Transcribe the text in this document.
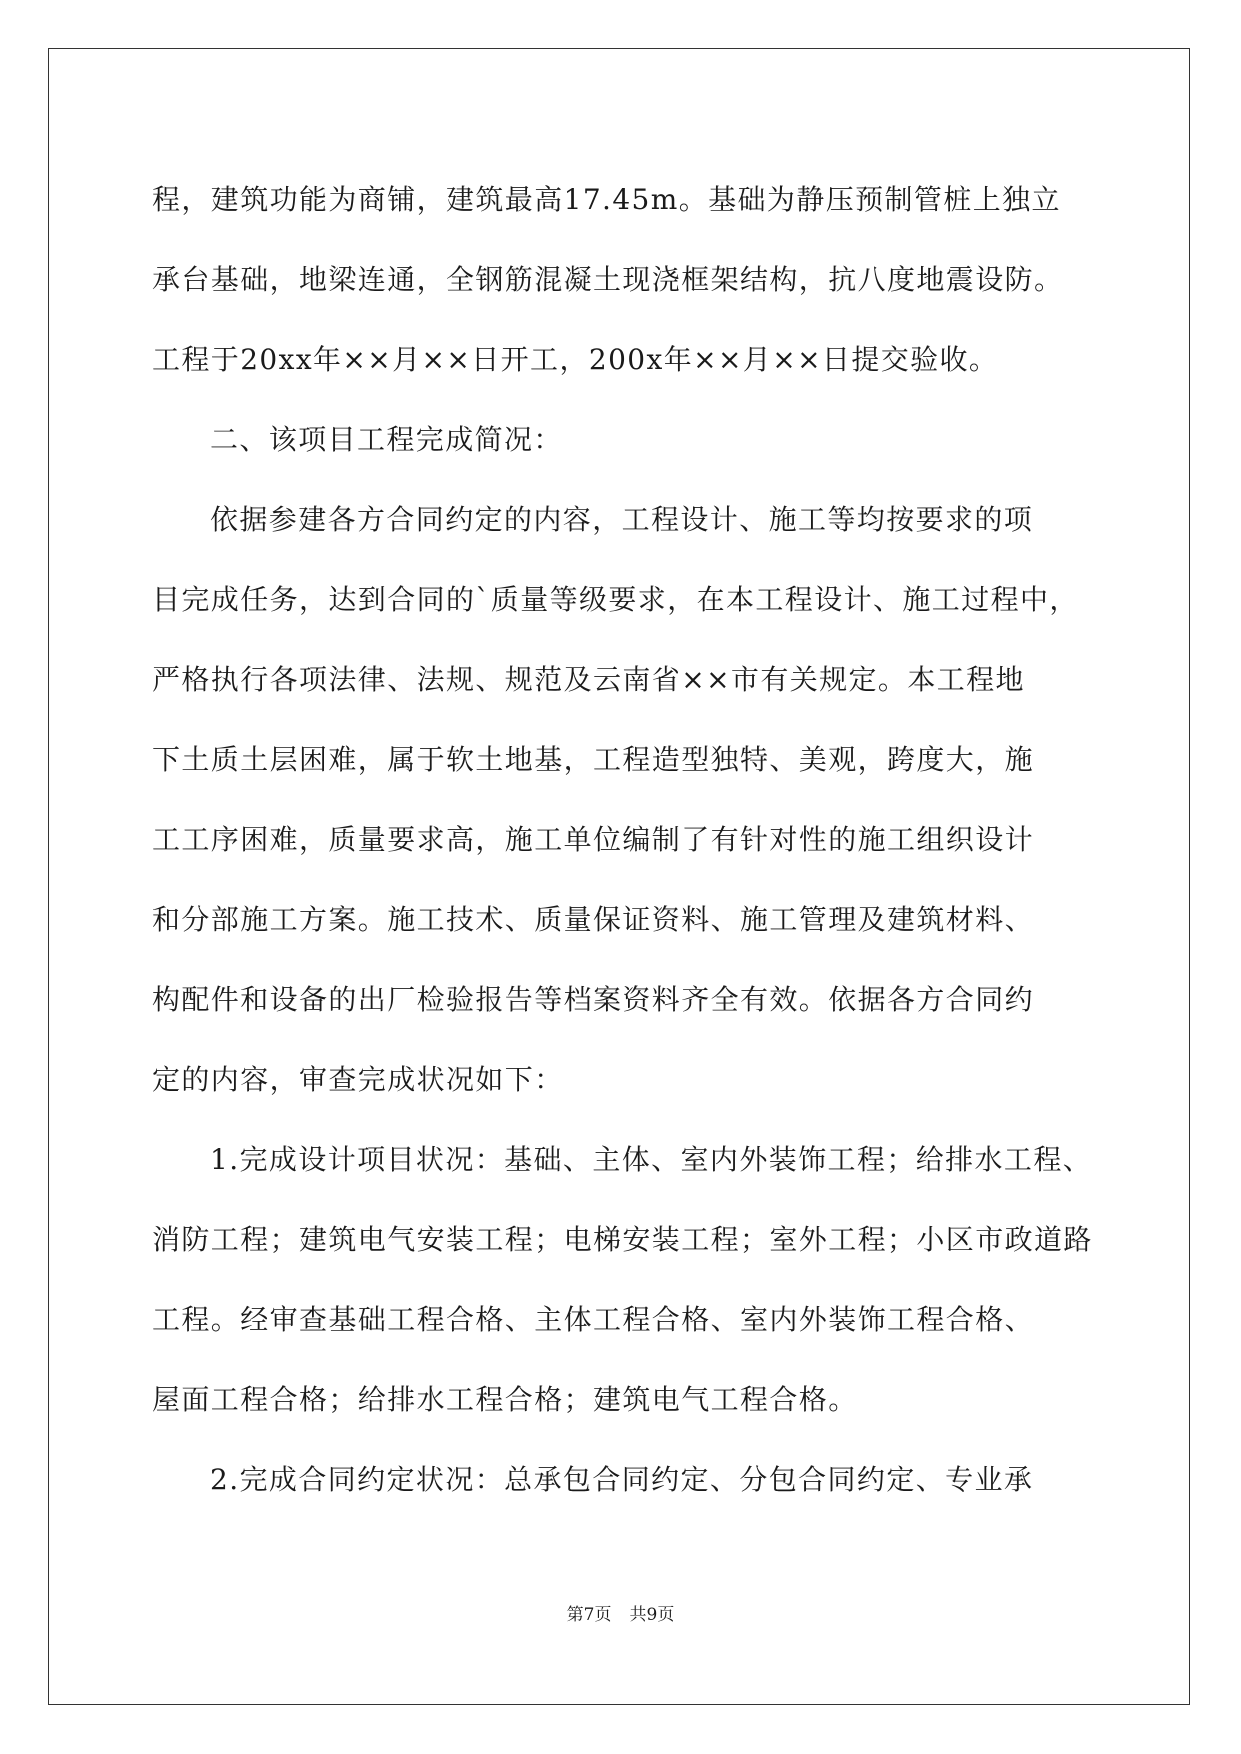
程，建筑功能为商铺，建筑最高17.45m。基础为静压预制管桩上独立
承台基础，地梁连通，全钢筋混凝土现浇框架结构，抗八度地震设防。
工程于20xx年××月××日开工，200x年××月××日提交验收。
二、该项目工程完成简况：
依据参建各方合同约定的内容，工程设计、施工等均按要求的项
目完成任务，达到合同的`质量等级要求，在本工程设计、施工过程中，
严格执行各项法律、法规、规范及云南省××市有关规定。本工程地
下土质土层困难，属于软土地基，工程造型独特、美观，跨度大，施
工工序困难，质量要求高，施工单位编制了有针对性的施工组织设计
和分部施工方案。施工技术、质量保证资料、施工管理及建筑材料、
构配件和设备的出厂检验报告等档案资料齐全有效。依据各方合同约
定的内容，审查完成状况如下：
1.完成设计项目状况：基础、主体、室内外装饰工程；给排水工程、
消防工程；建筑电气安装工程；电梯安装工程；室外工程；小区市政道路
工程。经审查基础工程合格、主体工程合格、室内外装饰工程合格、
屋面工程合格；给排水工程合格；建筑电气工程合格。
2.完成合同约定状况：总承包合同约定、分包合同约定、专业承
第7页 共9页
